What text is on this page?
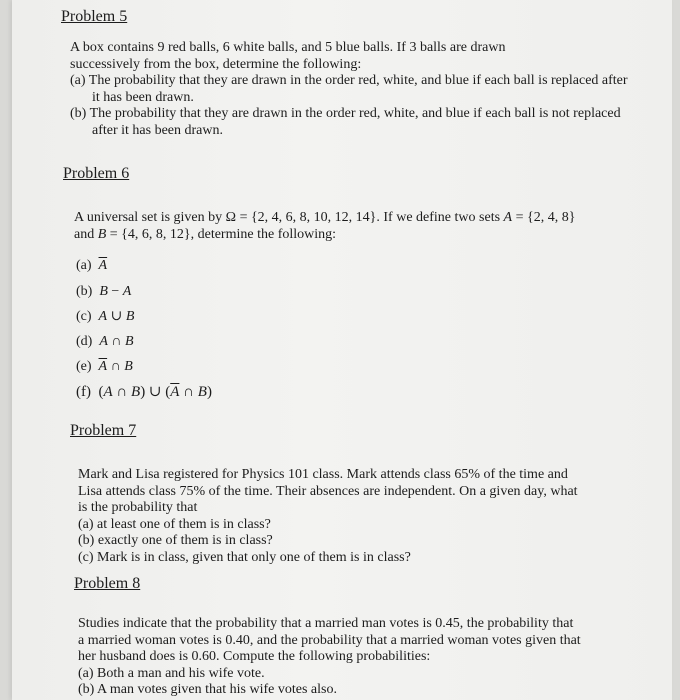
Problem 5
A box contains 9 red balls, 6 white balls, and 5 blue balls. If 3 balls are drawn
successively from the box, determine the following:
(a) The probability that they are drawn in the order red, white, and blue if each ball is replaced after it has been drawn.
(b) The probability that they are drawn in the order red, white, and blue if each ball is not replaced after it has been drawn.
Problem 6
A universal set is given by Ω = {2, 4, 6, 8, 10, 12, 14}. If we define two sets A = {2, 4, 8}
and B = {4, 6, 8, 12}, determine the following:
(a) $\overline{A}$
(b) B − A
(c) A ∪ B
(d) A ∩ B
(e) $\overline{A}$ ∩ B
(f) (A ∩ B) ∪ ($\overline{A}$ ∩ B)
Problem 7
Mark and Lisa registered for Physics 101 class. Mark attends class 65% of the time and
Lisa attends class 75% of the time. Their absences are independent. On a given day, what
is the probability that
(a) at least one of them is in class?
(b) exactly one of them is in class?
(c) Mark is in class, given that only one of them is in class?
Problem 8
Studies indicate that the probability that a married man votes is 0.45, the probability that
a married woman votes is 0.40, and the probability that a married woman votes given that
her husband does is 0.60. Compute the following probabilities:
(a) Both a man and his wife vote.
(b) A man votes given that his wife votes also.
